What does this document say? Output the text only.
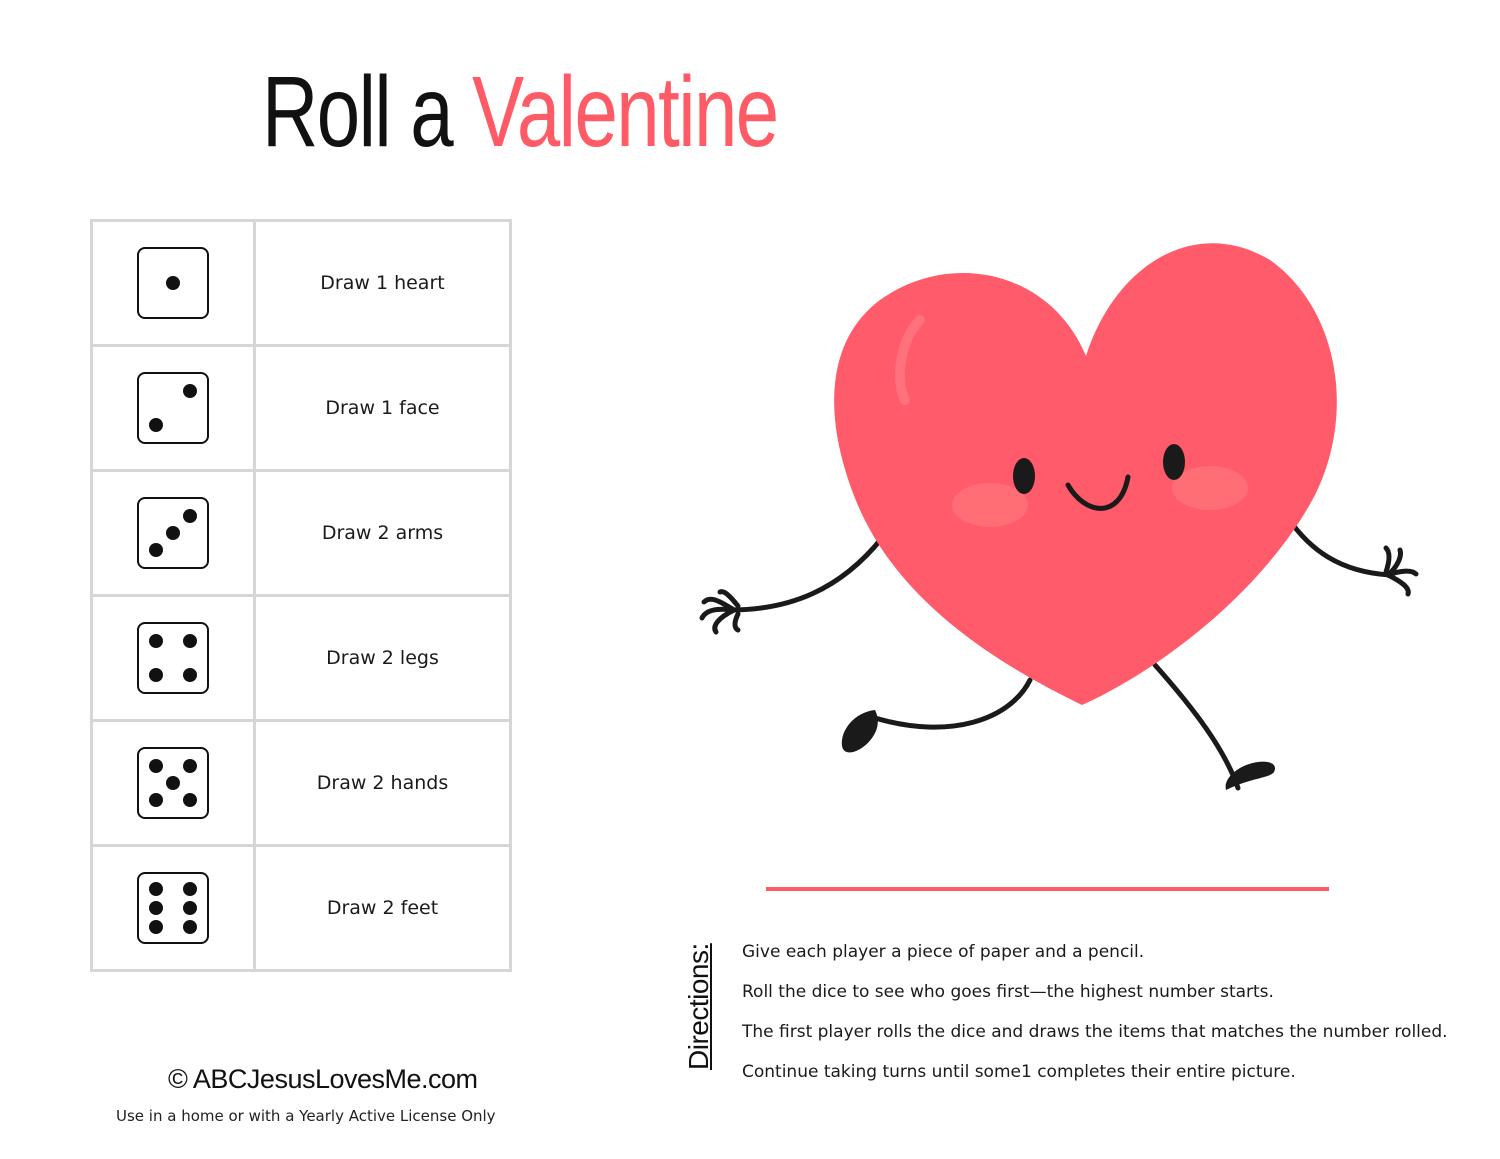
Roll a Valentine
	Draw 1 heart

	Draw 1 face

	Draw 2 arms

	Draw 2 legs

	Draw 2 hands

	Draw 2 feet
Directions: Give each player a piece of paper and a pencil.
Roll the dice to see who goes first—the highest number starts.
The first player rolls the dice and draws the items that matches the number rolled.
Continue taking turns until some1 completes their entire picture.
© ABCJesusLovesMe.com
Use in a home or with a Yearly Active License Only
